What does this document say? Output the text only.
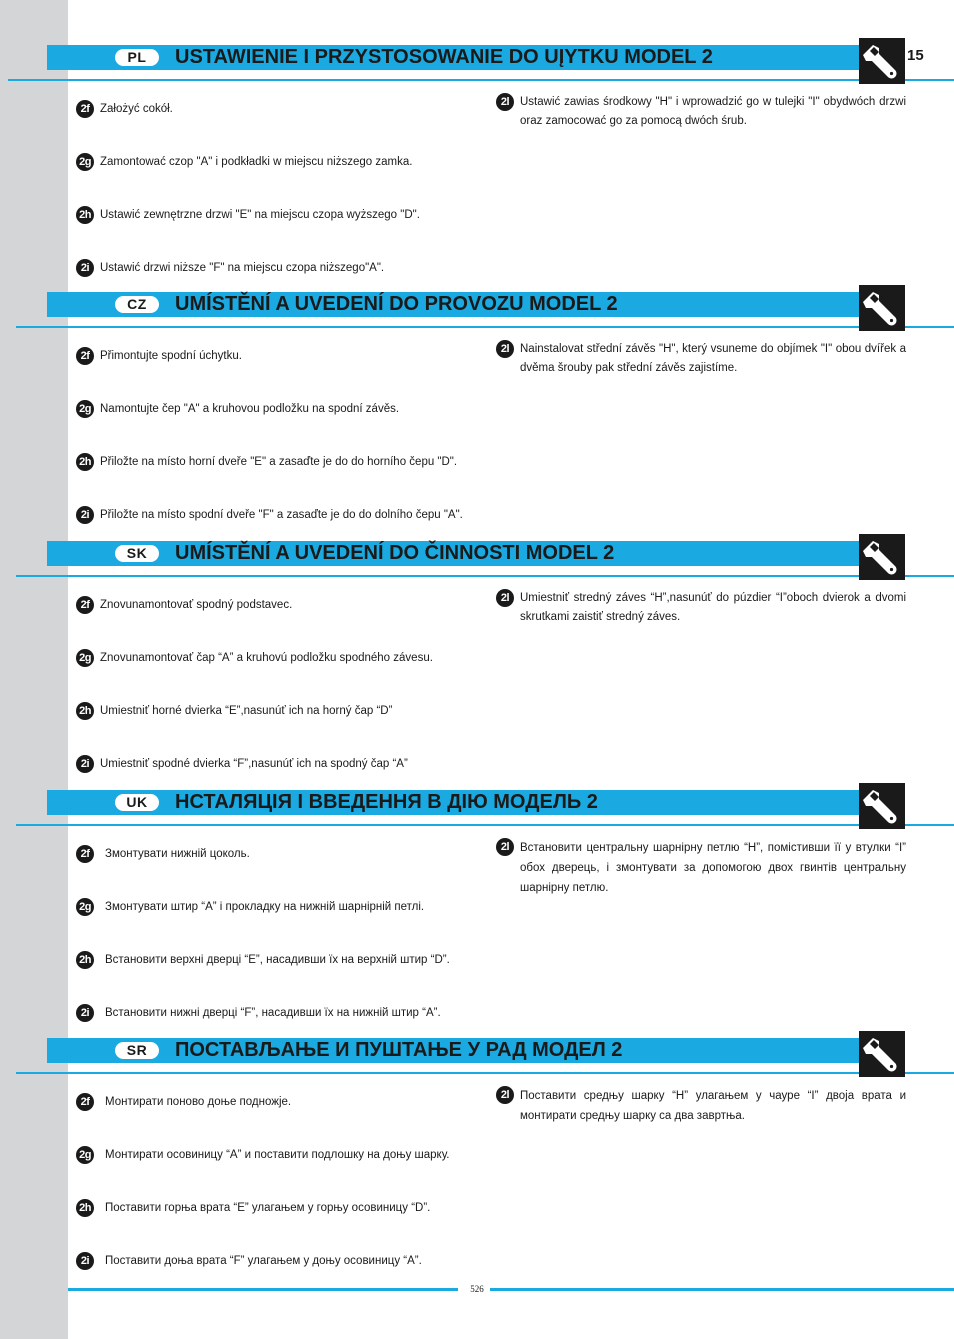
15
PL	USTAWIENIE I PRZYSTOSOWANIE DO UĮYTKU MODEL 2
2f Założyć cokół.
2g Zamontować czop "A" i podkładki w miejscu niższego zamka.
2h Ustawić zewnętrzne drzwi "E" na miejscu czopa wyższego "D".
2i Ustawić drzwi niższe "F" na miejscu czopa niższego"A".
2l Ustawić zawias środkowy "H" i wprowadzić go w tulejki "I" obydwóch drzwi oraz zamocować go za pomocą dwóch śrub.
CZ	UMÍSTĚNÍ A UVEDENÍ DO PROVOZU MODEL 2
2f Přimontujte spodní úchytku.
2g Namontujte čep "A" a kruhovou podložku na spodní závěs.
2h Přiložte na místo horní dveře "E" a zasaďte je do do horního čepu "D".
2i Přiložte na místo spodní dveře "F" a zasaďte je do do dolního čepu "A".
2l Nainstalovat střední závěs "H", který vsuneme do objímek "I" obou dvířek a dvěma šrouby pak střední závěs zajistíme.
SK	UMÍSTĚNÍ A UVEDENÍ DO ČINNOSTI MODEL 2
2f Znovunamontovať spodný podstavec.
2g Znovunamontovať čap “A” a kruhovú podložku spodného závesu.
2h Umiestniť horné dvierka “E”,nasunúť ich na horný čap “D”
2i Umiestniť spodné dvierka “F”,nasunúť ich na spodný čap “A”
2l Umiestniť stredný záves “H”,nasunúť do púzdier “I”oboch dvierok a dvomi skrutkami zaistiť stredný záves.
UK	НСТАЛЯЦІЯ І ВВЕДЕННЯ В ДІЮ МОДЕЛЬ 2
2f	Змонтувати нижній цоколь.
2g Змонтувати штир “A” і прокладку на нижній шарнірній петлі.
2h Встановити верхні дверці “E”, насадивши їх на верхній штир “D”.
2i	Встановити нижні дверці “F”, насадивши їх на нижній штир “A”.
2l Встановити центральну шарнірну петлю “H”, помістивши її у втулки “I” обох дверець, і змонтувати за допомогою двох гвинтів центральну шарнірну петлю.
SR	ПОСТАВЉАЊЕ И ПУШТАЊЕ У РАД МОДЕЛ 2
2f	Монтирати поново доње подножје.
2g Монтирати осовиницу “A” и поставити подлошку на доњу шарку.
2h Поставити горња врата “E” улагањем у горњу осовиницу “D”.
2i	Поставити доња врата “F” улагањем у доњу осовиницу “A”.
2l Поставити средњу шарку “H” улагањем у чауре “I” двоја врата и монтирати средњу шарку са два завртња.
526
